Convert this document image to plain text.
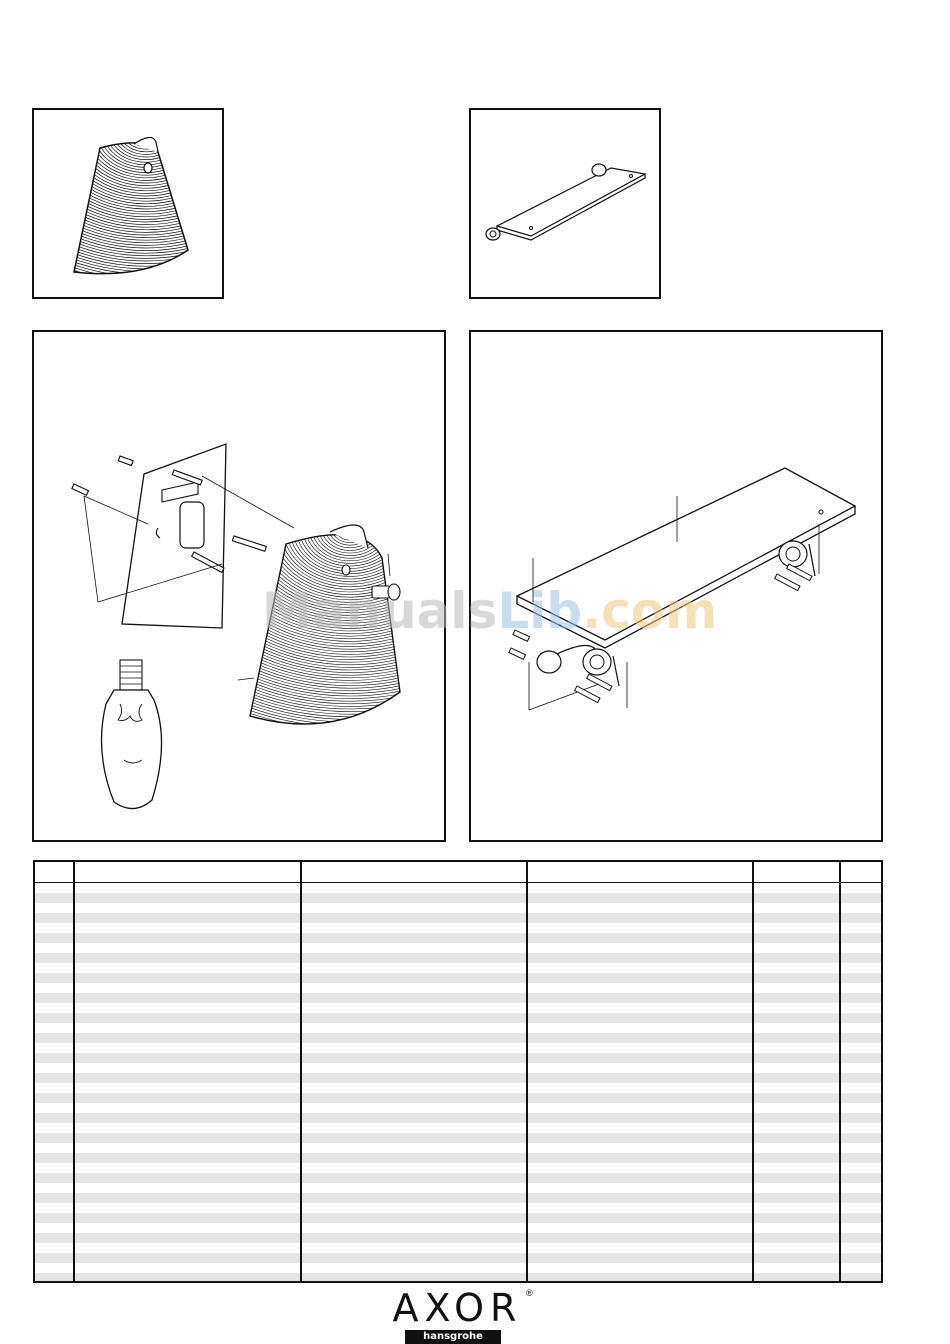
ManualsLib.com
AXOR ®
hansgrohe
